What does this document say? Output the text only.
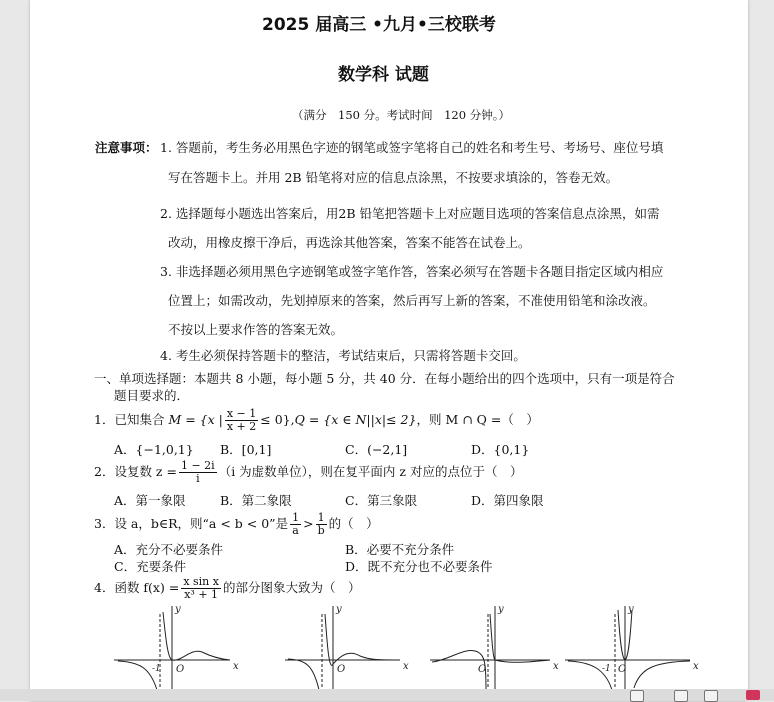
2025 届高三 •九月•三校联考
数学科 试题
（满分　150 分。考试时间　120 分钟。）
注意事项： 1. 答题前，考生务必用黑色字迹的钢笔或签字笔将自己的姓名和考生号、考场号、座位号填
写在答题卡上。并用 2B 铅笔将对应的信息点涂黑，不按要求填涂的，答卷无效。
2. 选择题每小题选出答案后，用2B 铅笔把答题卡上对应题目选项的答案信息点涂黑，如需
改动，用橡皮擦干净后，再选涂其他答案，答案不能答在试卷上。
3. 非选择题必须用黑色字迹钢笔或签字笔作答，答案必须写在答题卡各题目指定区域内相应
位置上；如需改动，先划掉原来的答案，然后再写上新的答案，不准使用铅笔和涂改液。
不按以上要求作答的答案无效。
4. 考生必须保持答题卡的整洁，考试结束后，只需将答题卡交回。
一、单项选择题：本题共 8 小题，每小题 5 分，共 40 分．在每小题给出的四个选项中，只有一项是符合
题目要求的．
1．已知集合 M = {x | $\frac{x - 1}{x + 2} \le 0\},Q = \{x$ ∈ N||x|≤ 2}，则 M ∩ Q =（　）
A．{−1,0,1} B．[0,1]	C．(−2,1]	D．{0,1}
2．设复数 $z = \frac{1 - 2i}{i} (i$ 为虚数单位），则在复平面内 z 对应的点位于（　）
A．第一象限	B．第二象限	C．第三象限	D．第四象限
3．设 a，b∈R，则“a < b < 0”是 $\frac{1}{a} > \frac{1}{b}$ 的（　）
A．充分不必要条件	B．必要不充分条件
C．充要条件	D．既不充分也不必要条件
4．函数 $f(x) = \frac{\text{x sin x}}{\text{x³ + 1}}$ 的部分图象大致为（　）
x
y
O
-1	x
y
O	x
y
O	x
y
O
-1
